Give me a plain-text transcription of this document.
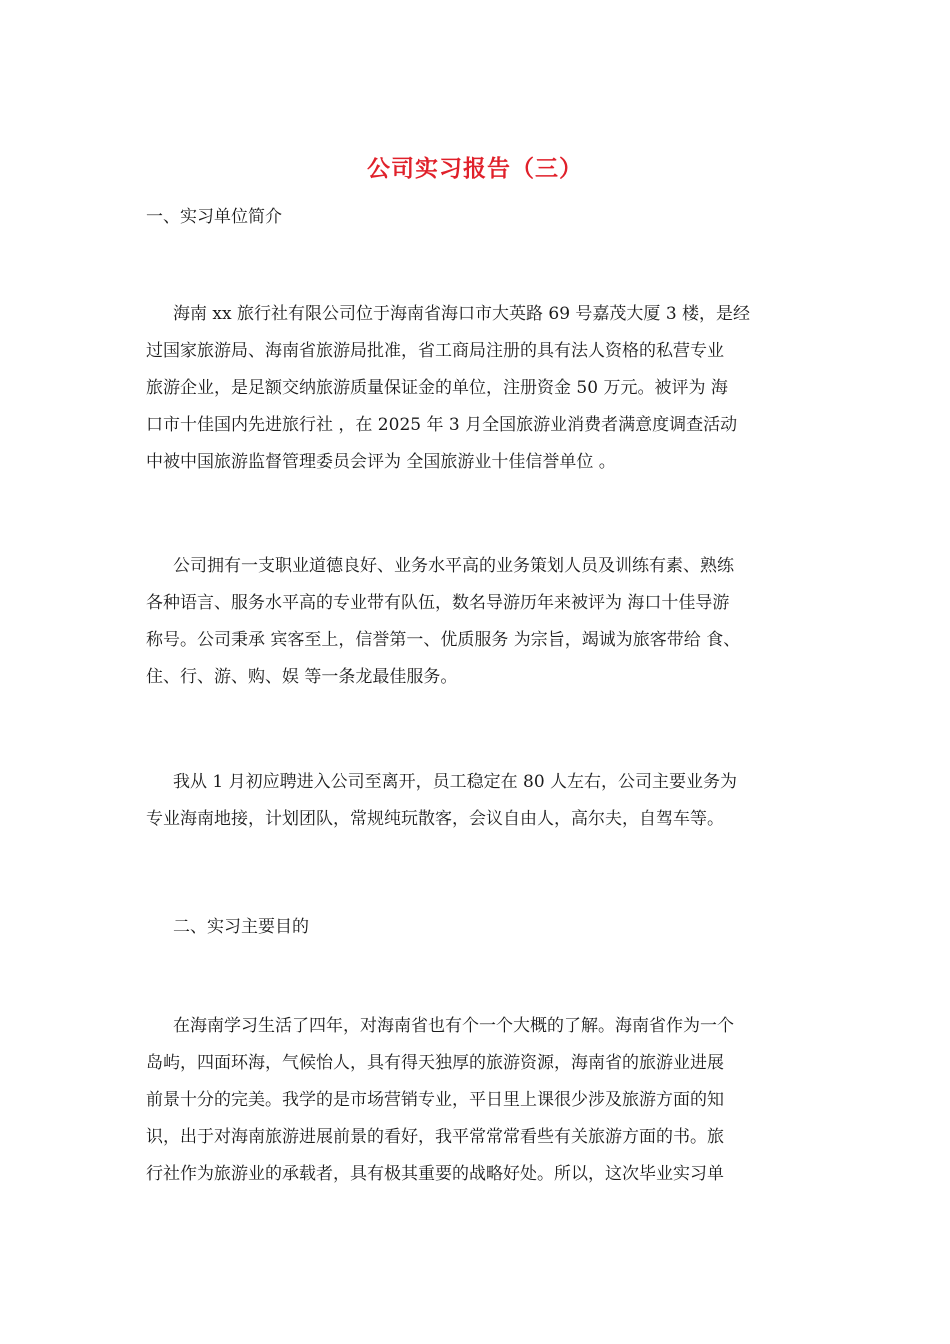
公司实习报告（三）

一、实习单位简介

海南 xx 旅行社有限公司位于海南省海口市大英路 69 号嘉茂大厦 3 楼，是经
过国家旅游局、海南省旅游局批准，省工商局注册的具有法人资格的私营专业
旅游企业，是足额交纳旅游质量保证金的单位，注册资金 50 万元。被评为 海
口市十佳国内先进旅行社 ，在 2025 年 3 月全国旅游业消费者满意度调查活动
中被中国旅游监督管理委员会评为 全国旅游业十佳信誉单位 。
公司拥有一支职业道德良好、业务水平高的业务策划人员及训练有素、熟练
各种语言、服务水平高的专业带有队伍，数名导游历年来被评为 海口十佳导游
称号。公司秉承 宾客至上，信誉第一、优质服务 为宗旨，竭诚为旅客带给 食、
住、行、游、购、娱 等一条龙最佳服务。
我从 1 月初应聘进入公司至离开，员工稳定在 80 人左右，公司主要业务为
专业海南地接，计划团队，常规纯玩散客，会议自由人，高尔夫，自驾车等。

二、实习主要目的

在海南学习生活了四年，对海南省也有个一个大概的了解。海南省作为一个
岛屿，四面环海，气候怡人，具有得天独厚的旅游资源，海南省的旅游业进展
前景十分的完美。我学的是市场营销专业，平日里上课很少涉及旅游方面的知
识，出于对海南旅游进展前景的看好，我平常常常看些有关旅游方面的书。旅
行社作为旅游业的承载者，具有极其重要的战略好处。所以，这次毕业实习单
